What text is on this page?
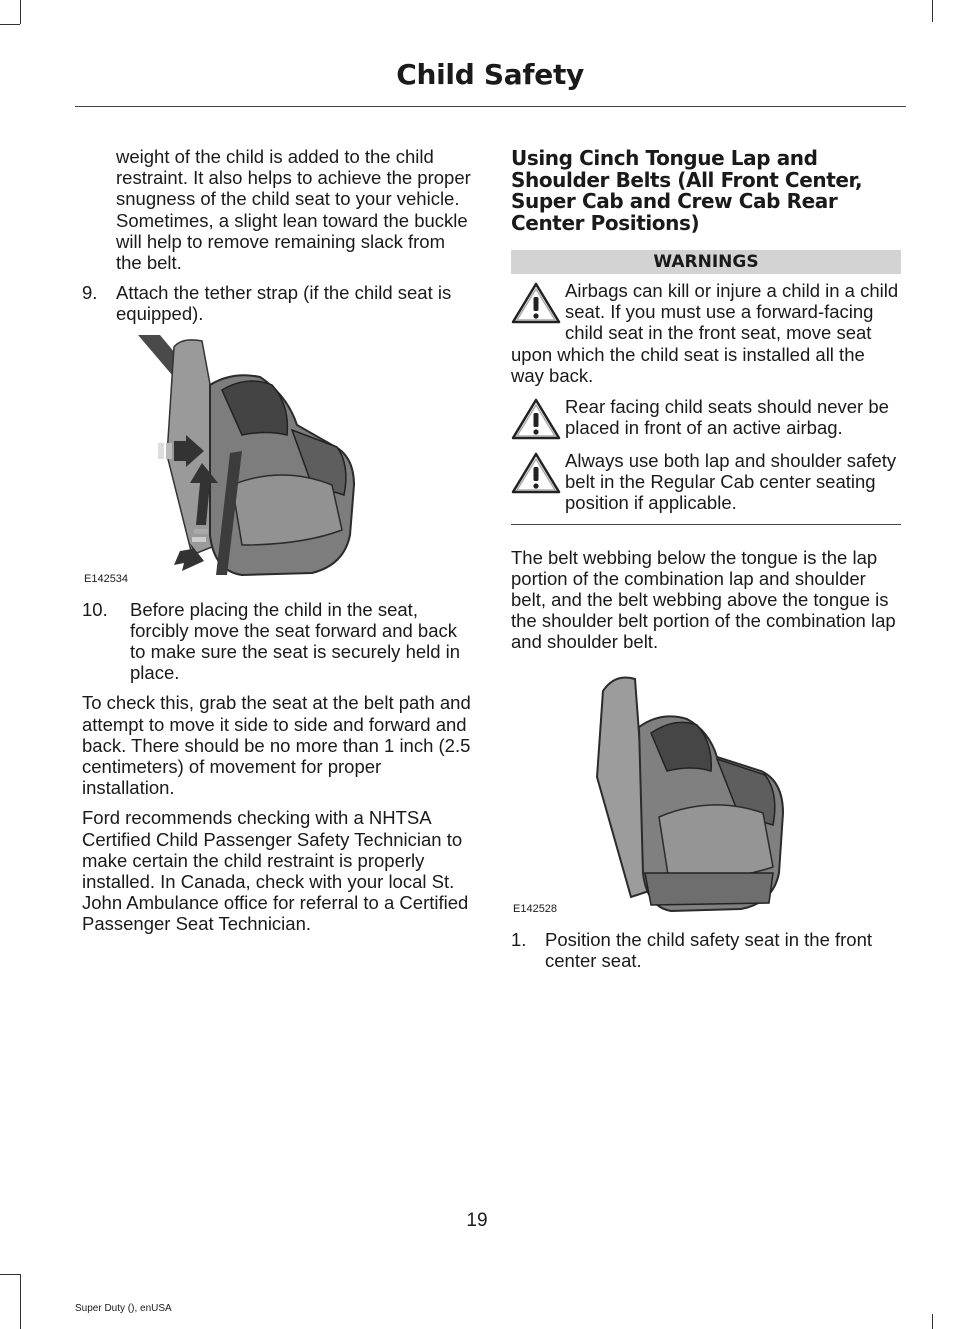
Child Safety

weight of the child is added to the child restraint. It also helps to achieve the proper snugness of the child seat to your vehicle. Sometimes, a slight lean toward the buckle will help to remove remaining slack from the belt.

9.	Attach the tether strap (if the child seat is equipped).
E142534
10.	Before placing the child in the seat, forcibly move the seat forward and back to make sure the seat is securely held in place.

To check this, grab the seat at the belt path and attempt to move it side to side and forward and back. There should be no more than 1 inch (2.5 centimeters) of movement for proper installation.

Ford recommends checking with a NHTSA Certified Child Passenger Safety Technician to make certain the child restraint is properly installed. In Canada, check with your local St. John Ambulance office for referral to a Certified Passenger Seat Technician.

Using Cinch Tongue Lap and Shoulder Belts (All Front Center, Super Cab and Crew Cab Rear Center Positions)
WARNINGS
Airbags can kill or injure a child in a child seat. If you must use a forward-facing child seat in the front seat, move seat upon which the child seat is installed all the way back.
Rear facing child seats should never be placed in front of an active airbag.
Always use both lap and shoulder safety belt in the Regular Cab center seating position if applicable.

The belt webbing below the tongue is the lap portion of the combination lap and shoulder belt, and the belt webbing above the tongue is the shoulder belt portion of the combination lap and shoulder belt.

E142528
1.	Position the child safety seat in the front center seat.
19
Super Duty (), enUSA
